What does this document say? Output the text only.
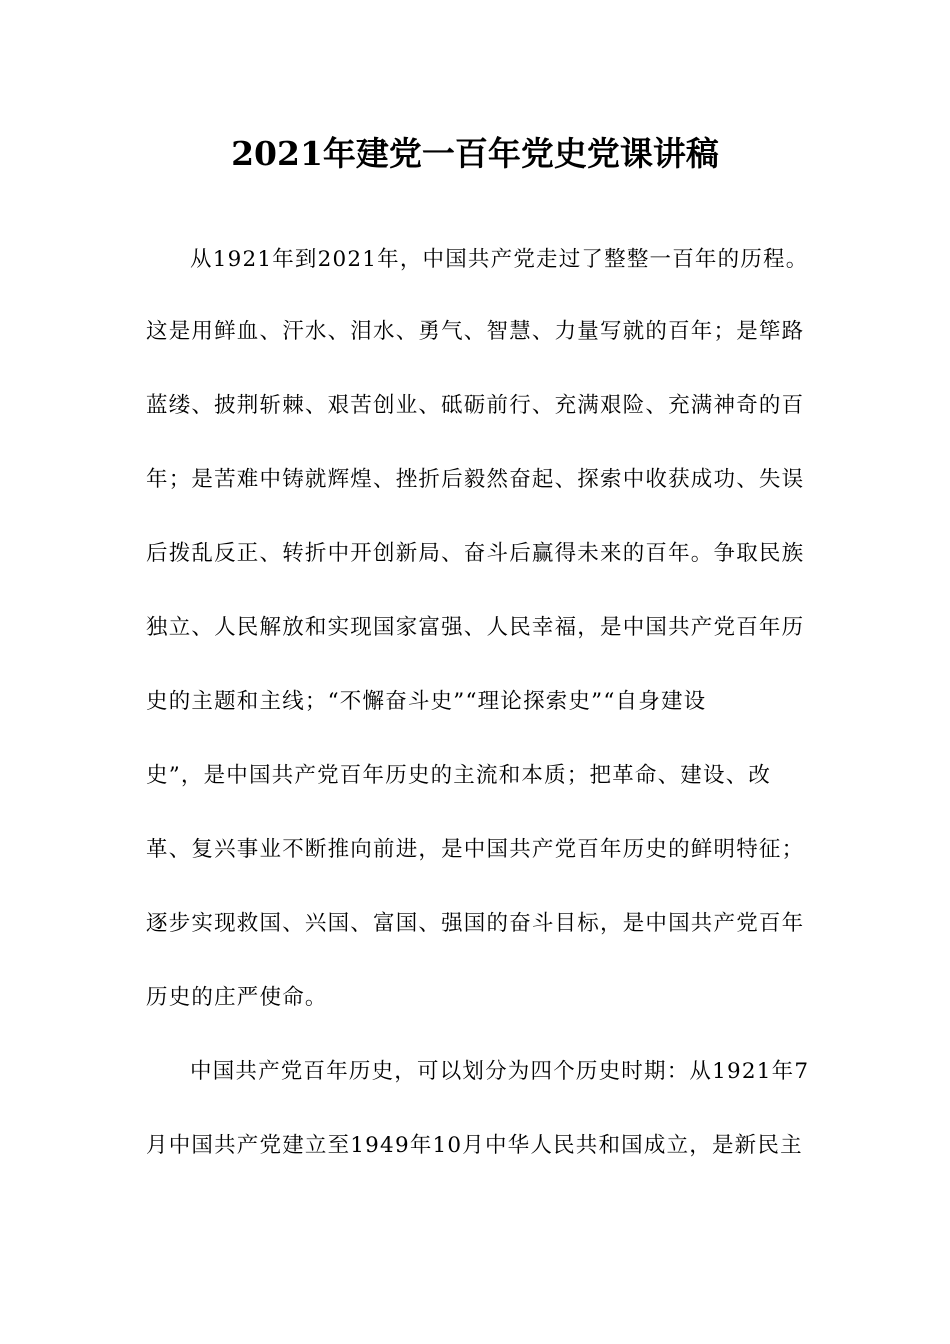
2021年建党一百年党史党课讲稿
从1921年到2021年，中国共产党走过了整整一百年的历程。
这是用鲜血、汗水、泪水、勇气、智慧、力量写就的百年；是筚路
蓝缕、披荆斩棘、艰苦创业、砥砺前行、充满艰险、充满神奇的百
年；是苦难中铸就辉煌、挫折后毅然奋起、探索中收获成功、失误
后拨乱反正、转折中开创新局、奋斗后赢得未来的百年。争取民族
独立、人民解放和实现国家富强、人民幸福，是中国共产党百年历
史的主题和主线；“不懈奋斗史”“理论探索史”“自身建设
史”，是中国共产党百年历史的主流和本质；把革命、建设、改
革、复兴事业不断推向前进，是中国共产党百年历史的鲜明特征；
逐步实现救国、兴国、富国、强国的奋斗目标，是中国共产党百年
历史的庄严使命。
中国共产党百年历史，可以划分为四个历史时期：从1921年7
月中国共产党建立至1949年10月中华人民共和国成立，是新民主
